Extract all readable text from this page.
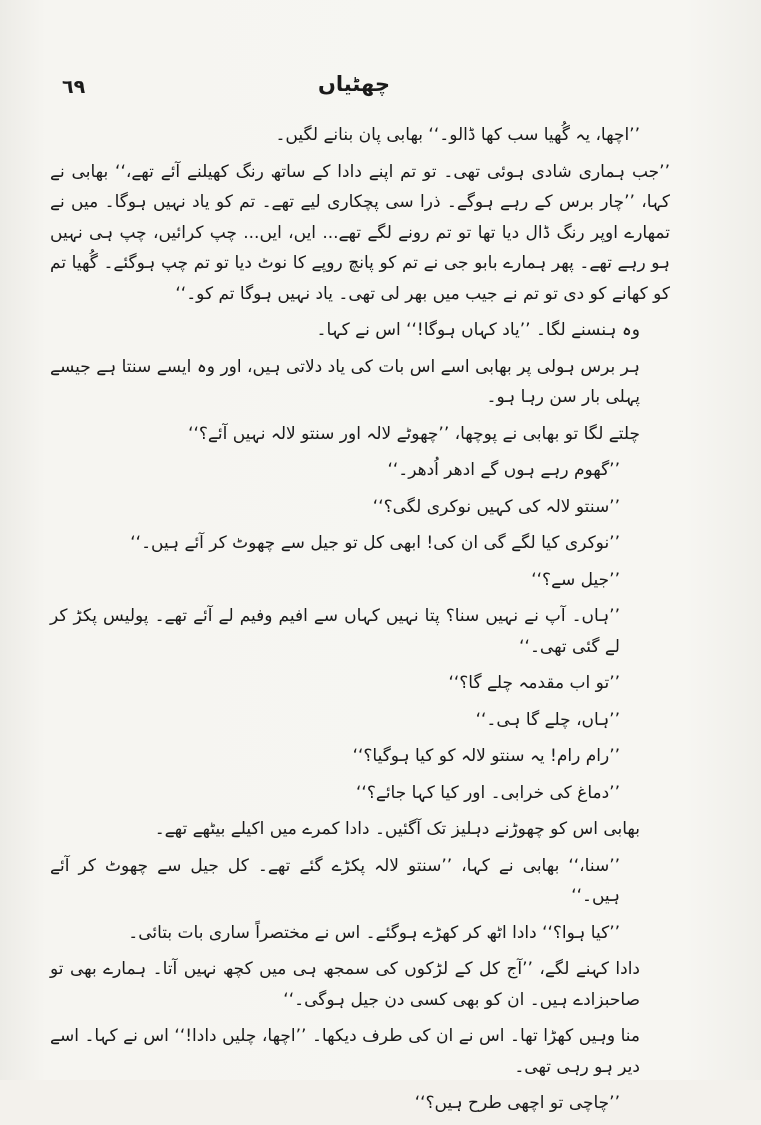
٦٩	چھٹیاں

’’اچھا، یہ گُھیا سب کھا ڈالو۔‘‘ بھابی پان بنانے لگیں۔

’’جب ہماری شادی ہوئی تھی۔ تو تم اپنے دادا کے ساتھ رنگ کھیلنے آئے تھے،‘‘ بھابی نے کہا، ’’چار برس کے رہے ہوگے۔ ذرا سی پچکاری لیے تھے۔ تم کو یاد نہیں ہوگا۔ میں نے تمھارے اوپر رنگ ڈال دیا تھا تو تم رونے لگے تھے... ایں، ایں... چپ کرائیں، چپ ہی نہیں ہو رہے تھے۔ پھر ہمارے بابو جی نے تم کو پانچ روپے کا نوٹ دیا تو تم چپ ہوگئے۔ گُھیا تم کو کھانے کو دی تو تم نے جیب میں بھر لی تھی۔ یاد نہیں ہوگا تم کو۔‘‘

وہ ہنسنے لگا۔ ’’یاد کہاں ہوگا!‘‘ اس نے کہا۔

ہر برس ہولی پر بھابی اسے اس بات کی یاد دلاتی ہیں، اور وہ ایسے سنتا ہے جیسے پہلی بار سن رہا ہو۔

چلتے لگا تو بھابی نے پوچھا، ’’چھوٹے لالہ اور سنتو لالہ نہیں آئے؟‘‘

’’گھوم رہے ہوں گے ادھر اُدھر۔‘‘

’’سنتو لالہ کی کہیں نوکری لگی؟‘‘

’’نوکری کیا لگے گی ان کی! ابھی کل تو جیل سے چھوٹ کر آئے ہیں۔‘‘

’’جیل سے؟‘‘

’’ہاں۔ آپ نے نہیں سنا؟ پتا نہیں کہاں سے افیم وفیم لے آئے تھے۔ پولیس پکڑ کر لے گئی تھی۔‘‘

’’تو اب مقدمہ چلے گا؟‘‘

’’ہاں، چلے گا ہی۔‘‘

’’رام رام! یہ سنتو لالہ کو کیا ہوگیا؟‘‘

’’دماغ کی خرابی۔ اور کیا کہا جائے؟‘‘

بھابی اس کو چھوڑنے دہلیز تک آگئیں۔ دادا کمرے میں اکیلے بیٹھے تھے۔

’’سنا،‘‘ بھابی نے کہا، ’’سنتو لالہ پکڑے گئے تھے۔ کل جیل سے چھوٹ کر آئے ہیں۔‘‘

’’کیا ہوا؟‘‘ دادا اٹھ کر کھڑے ہوگئے۔ اس نے مختصراً ساری بات بتائی۔

دادا کہنے لگے، ’’آج کل کے لڑکوں کی سمجھ ہی میں کچھ نہیں آتا۔ ہمارے بھی تو صاحبزادے ہیں۔ ان کو بھی کسی دن جیل ہوگی۔‘‘

منا وہیں کھڑا تھا۔ اس نے ان کی طرف دیکھا۔ ’’اچھا، چلیں دادا!‘‘ اس نے کہا۔ اسے دیر ہو رہی تھی۔

’’چاچی تو اچھی طرح ہیں؟‘‘
